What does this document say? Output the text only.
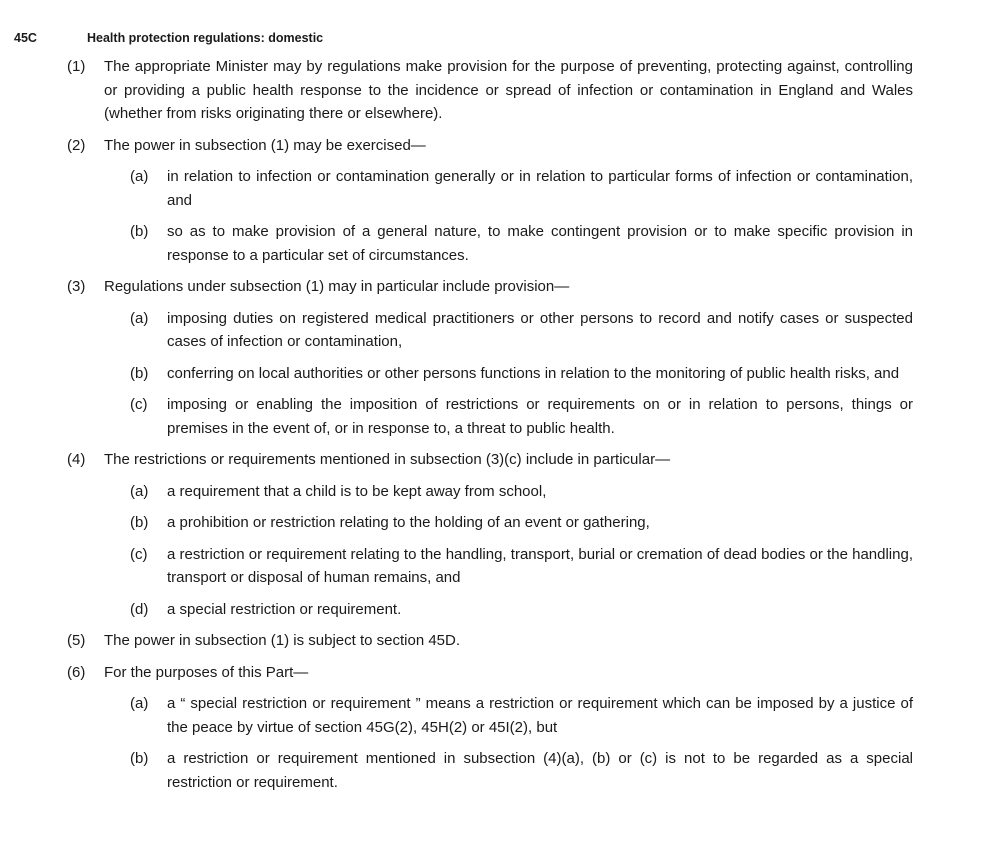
45C	Health protection regulations: domestic
(1) The appropriate Minister may by regulations make provision for the purpose of preventing, protecting against, controlling or providing a public health response to the incidence or spread of infection or contamination in England and Wales (whether from risks originating there or elsewhere).
(2) The power in subsection (1) may be exercised—
(a) in relation to infection or contamination generally or in relation to particular forms of infection or contamination, and
(b) so as to make provision of a general nature, to make contingent provision or to make specific provision in response to a particular set of circumstances.
(3) Regulations under subsection (1) may in particular include provision—
(a) imposing duties on registered medical practitioners or other persons to record and notify cases or suspected cases of infection or contamination,
(b) conferring on local authorities or other persons functions in relation to the monitoring of public health risks, and
(c) imposing or enabling the imposition of restrictions or requirements on or in relation to persons, things or premises in the event of, or in response to, a threat to public health.
(4) The restrictions or requirements mentioned in subsection (3)(c) include in particular—
(a) a requirement that a child is to be kept away from school,
(b) a prohibition or restriction relating to the holding of an event or gathering,
(c) a restriction or requirement relating to the handling, transport, burial or cremation of dead bodies or the handling, transport or disposal of human remains, and
(d) a special restriction or requirement.
(5) The power in subsection (1) is subject to section 45D.
(6) For the purposes of this Part—
(a) a “ special restriction or requirement ” means a restriction or requirement which can be imposed by a justice of the peace by virtue of section 45G(2), 45H(2) or 45I(2), but
(b) a restriction or requirement mentioned in subsection (4)(a), (b) or (c) is not to be regarded as a special restriction or requirement.
